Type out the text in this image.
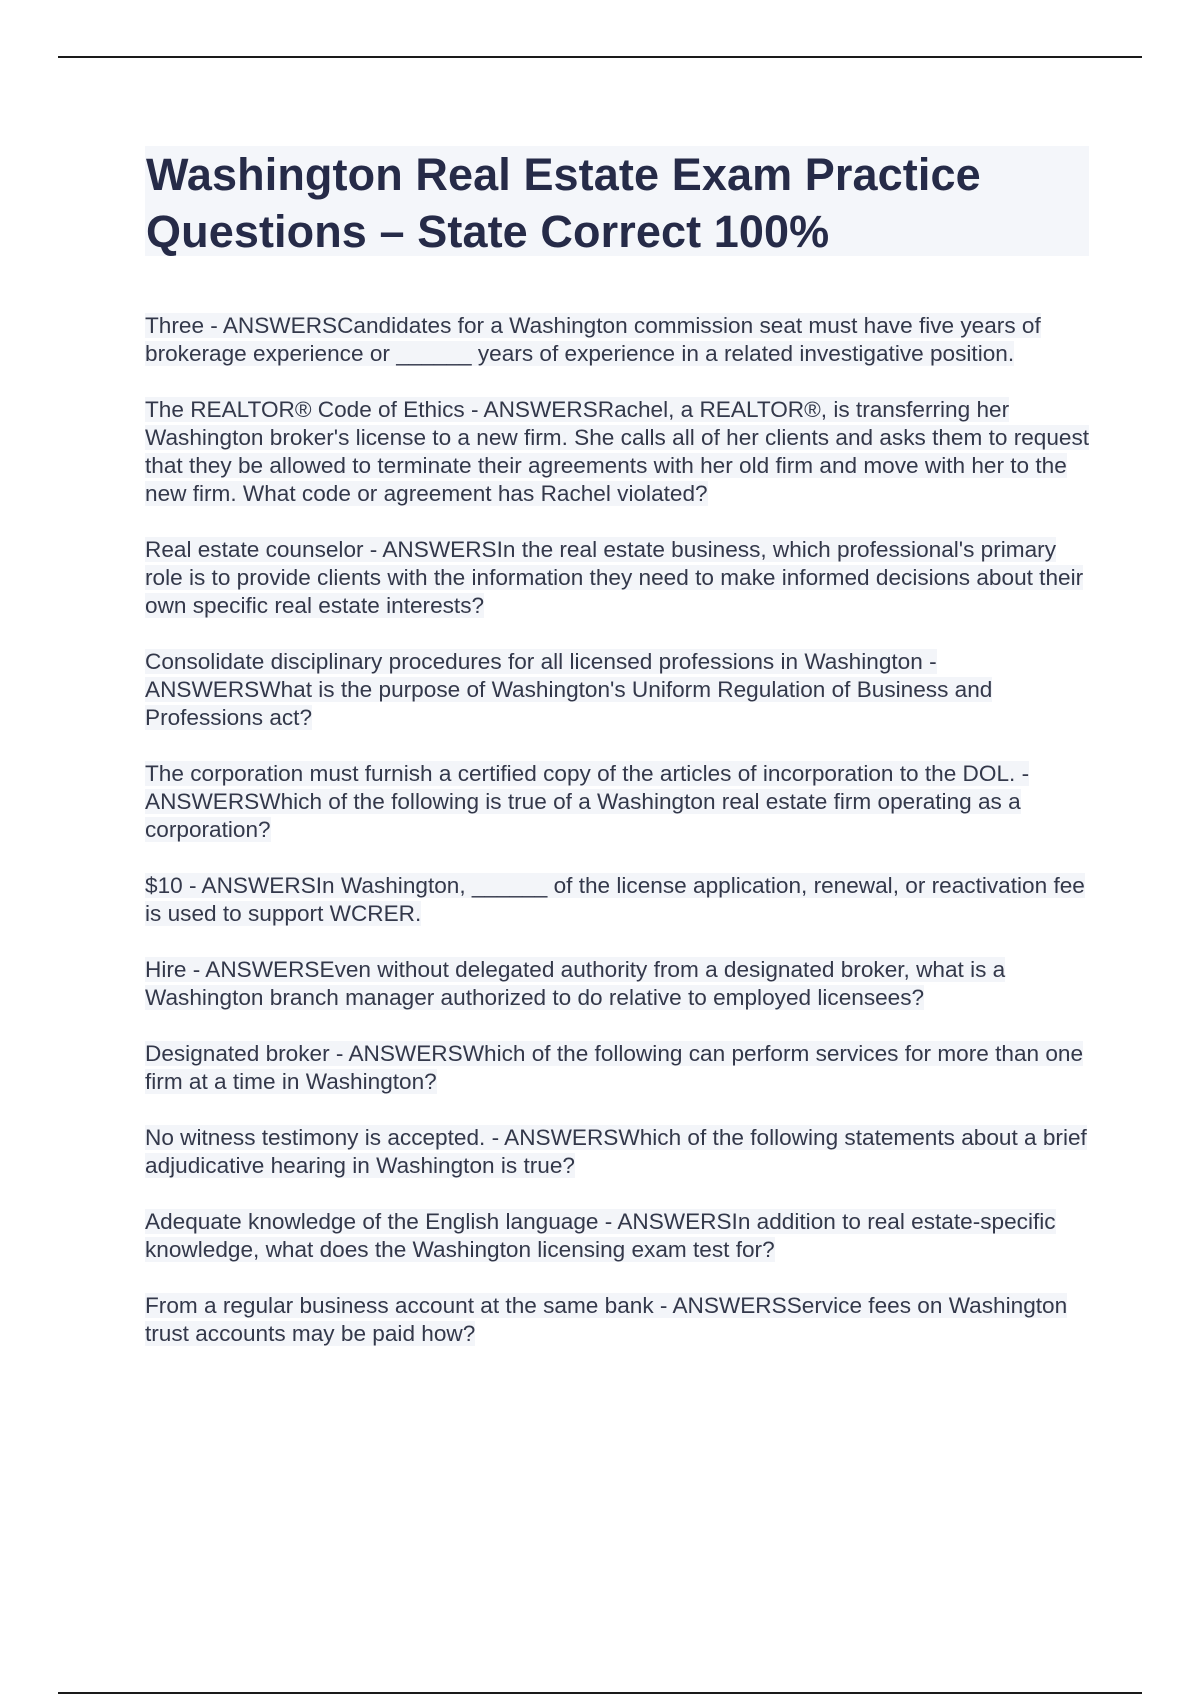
Washington Real Estate Exam Practice Questions – State Correct 100%

Three - ANSWERSCandidates for a Washington commission seat must have five years of brokerage experience or ______ years of experience in a related investigative position.

The REALTOR® Code of Ethics - ANSWERSRachel, a REALTOR®, is transferring her Washington broker's license to a new firm. She calls all of her clients and asks them to request that they be allowed to terminate their agreements with her old firm and move with her to the new firm. What code or agreement has Rachel violated?

Real estate counselor - ANSWERSIn the real estate business, which professional's primary role is to provide clients with the information they need to make informed decisions about their own specific real estate interests?

Consolidate disciplinary procedures for all licensed professions in Washington - ANSWERSWhat is the purpose of Washington's Uniform Regulation of Business and Professions act?

The corporation must furnish a certified copy of the articles of incorporation to the DOL. - ANSWERSWhich of the following is true of a Washington real estate firm operating as a corporation?

$10 - ANSWERSIn Washington, ______ of the license application, renewal, or reactivation fee is used to support WCRER.

Hire - ANSWERSEven without delegated authority from a designated broker, what is a Washington branch manager authorized to do relative to employed licensees?

Designated broker - ANSWERSWhich of the following can perform services for more than one firm at a time in Washington?

No witness testimony is accepted. - ANSWERSWhich of the following statements about a brief adjudicative hearing in Washington is true?

Adequate knowledge of the English language - ANSWERSIn addition to real estate-specific knowledge, what does the Washington licensing exam test for?

From a regular business account at the same bank - ANSWERSService fees on Washington trust accounts may be paid how?
